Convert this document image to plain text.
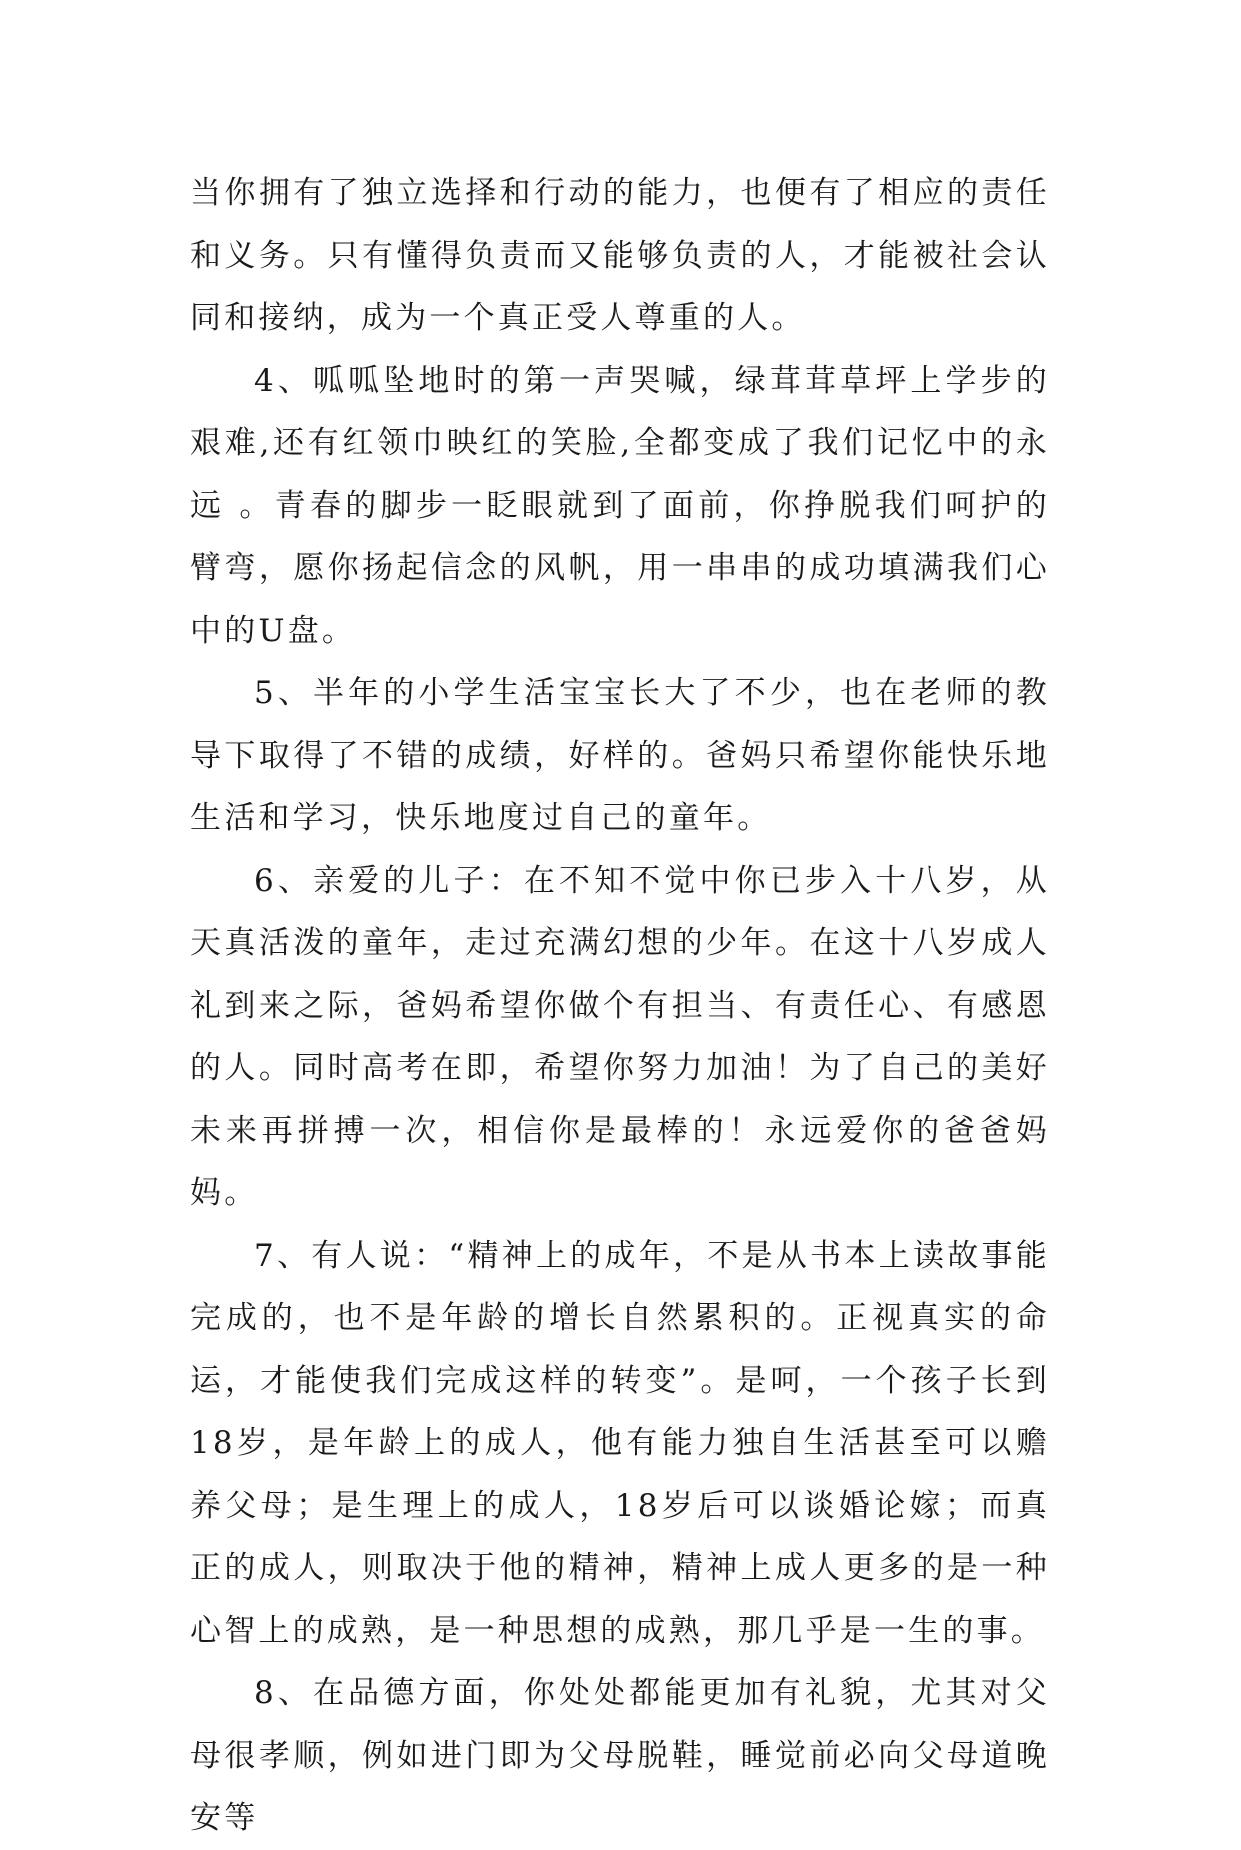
当你拥有了独立选择和行动的能力，也便有了相应的责任和义务。只有懂得负责而又能够负责的人，才能被社会认同和接纳，成为一个真正受人尊重的人。

4、呱呱坠地时的第一声哭喊，绿茸茸草坪上学步的艰难,还有红领巾映红的笑脸,全都变成了我们记忆中的永远 。青春的脚步一眨眼就到了面前，你挣脱我们呵护的臂弯，愿你扬起信念的风帆，用一串串的成功填满我们心中的U盘。

5、半年的小学生活宝宝长大了不少，也在老师的教导下取得了不错的成绩，好样的。爸妈只希望你能快乐地生活和学习，快乐地度过自己的童年。

6、亲爱的儿子：在不知不觉中你已步入十八岁，从天真活泼的童年，走过充满幻想的少年。在这十八岁成人礼到来之际，爸妈希望你做个有担当、有责任心、有感恩的人。同时高考在即，希望你努力加油！为了自己的美好未来再拼搏一次，相信你是最棒的！永远爱你的爸爸妈妈。

7、有人说：“精神上的成年，不是从书本上读故事能完成的，也不是年龄的增长自然累积的。正视真实的命运，才能使我们完成这样的转变”。是呵，一个孩子长到18岁，是年龄上的成人，他有能力独自生活甚至可以赡养父母；是生理上的成人，18岁后可以谈婚论嫁；而真正的成人，则取决于他的精神，精神上成人更多的是一种心智上的成熟，是一种思想的成熟，那几乎是一生的事。

8、在品德方面，你处处都能更加有礼貌，尤其对父母很孝顺，例如进门即为父母脱鞋，睡觉前必向父母道晚安等
